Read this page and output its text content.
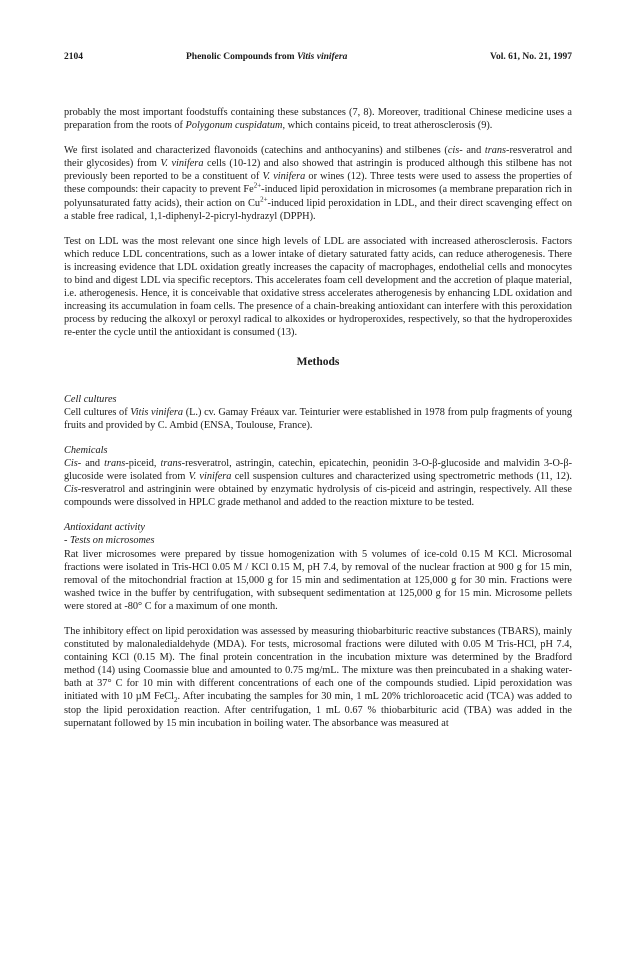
2104	Phenolic Compounds from Vitis vinifera	Vol. 61, No. 21, 1997

probably the most important foodstuffs containing these substances (7, 8). Moreover, traditional Chinese medicine uses a preparation from the roots of Polygonum cuspidatum, which contains piceid, to treat atherosclerosis (9).

We first isolated and characterized flavonoids (catechins and anthocyanins) and stilbenes (cis- and trans-resveratrol and their glycosides) from V. vinifera cells (10-12) and also showed that astringin is produced although this stilbene has not previously been reported to be a constituent of V. vinifera or wines (12). Three tests were used to assess the properties of these compounds: their capacity to prevent $Fe^{2+}$-induced lipid peroxidation in microsomes (a membrane preparation rich in polyunsaturated fatty acids), their action on $Cu^{2+}$-induced lipid peroxidation in LDL, and their direct scavenging effect on a stable free radical, 1,1-diphenyl-2-picryl-hydrazyl (DPPH).

Test on LDL was the most relevant one since high levels of LDL are associated with increased atherosclerosis. Factors which reduce LDL concentrations, such as a lower intake of dietary saturated fatty acids, can reduce atherogenesis. There is increasing evidence that LDL oxidation greatly increases the capacity of macrophages, endothelial cells and monocytes to bind and digest LDL via specific receptors. This accelerates foam cell development and the accretion of plaque material, i.e. atherogenesis. Hence, it is conceivable that oxidative stress accelerates atherogenesis by enhancing LDL oxidation and increasing its accumulation in foam cells. The presence of a chain-breaking antioxidant can interfere with this peroxidation process by reducing the alkoxyl or peroxyl radical to alkoxides or hydroperoxides, respectively, so that the hydroperoxides re-enter the cycle until the antioxidant is consumed (13).

Methods

Cell cultures

Cell cultures of Vitis vinifera (L.) cv. Gamay Fréaux var. Teinturier were established in 1978 from pulp fragments of young fruits and provided by C. Ambid (ENSA, Toulouse, France).

Chemicals

Cis- and trans-piceid, trans-resveratrol, astringin, catechin, epicatechin, peonidin 3-O-β-glucoside and malvidin 3-O-β-glucoside were isolated from V. vinifera cell suspension cultures and characterized using spectrometric methods (11, 12). Cis-resveratrol and astringinin were obtained by enzymatic hydrolysis of cis-piceid and astringin, respectively. All these compounds were dissolved in HPLC grade methanol and added to the reaction mixture to be tested.

Antioxidant activity

- Tests on microsomes

Rat liver microsomes were prepared by tissue homogenization with 5 volumes of ice-cold 0.15 M KCl. Microsomal fractions were isolated in Tris-HCl 0.05 M / KCl 0.15 M, pH 7.4, by removal of the nuclear fraction at 900 g for 15 min, removal of the mitochondrial fraction at 15,000 g for 15 min and sedimentation at 125,000 g for 30 min. Fractions were washed twice in the buffer by centrifugation, with subsequent sedimentation at 125,000 g for 15 min. Microsome pellets were stored at -80° C for a maximum of one month.

The inhibitory effect on lipid peroxidation was assessed by measuring thiobarbituric reactive substances (TBARS), mainly constituted by malonaledialdehyde (MDA). For tests, microsomal fractions were diluted with 0.05 M Tris-HCl, pH 7.4, containing KCl (0.15 M). The final protein concentration in the incubation mixture was determined by the Bradford method (14) using Coomassie blue and amounted to 0.75 mg/mL. The mixture was then preincubated in a shaking water-bath at 37° C for 10 min with different concentrations of each one of the compounds studied. Lipid peroxidation was initiated with 10 µM FeCl$_2$. After incubating the samples for 30 min, 1 mL 20% trichloroacetic acid (TCA) was added to stop the lipid peroxidation reaction. After centrifugation, 1 mL 0.67 % thiobarbituric acid (TBA) was added in the supernatant followed by 15 min incubation in boiling water. The absorbance was measured at
